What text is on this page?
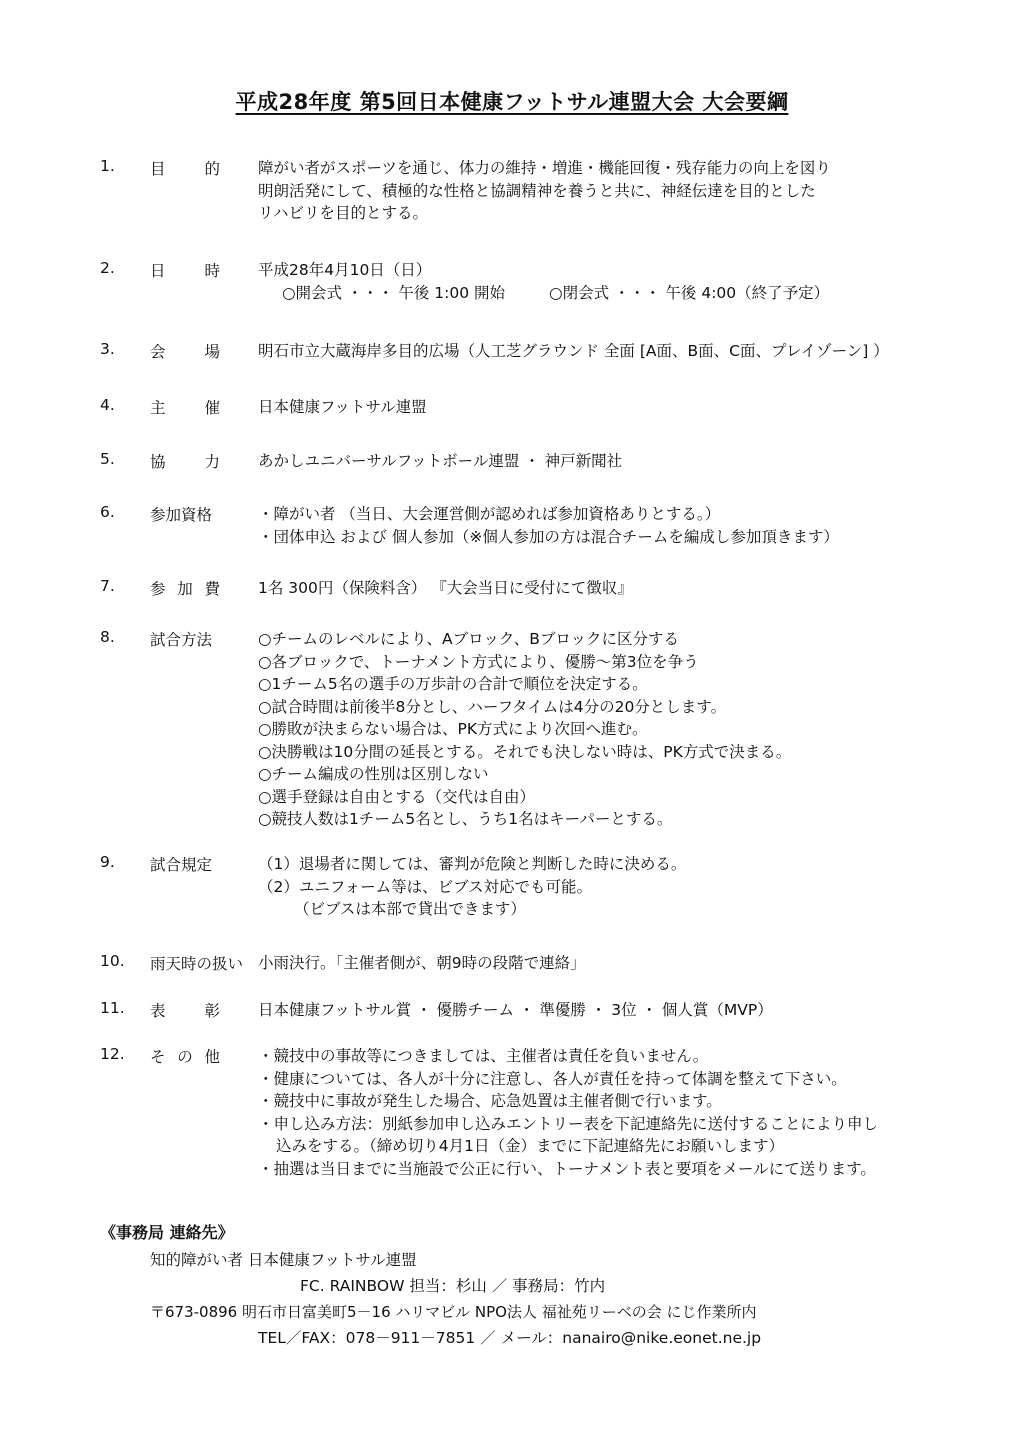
平成28年度 第5回日本健康フットサル連盟大会 大会要綱
1. 目	的 障がい者がスポーツを通じ、体力の維持・増進・機能回復・残存能力の向上を図り
明朗活発にして、積極的な性格と協調精神を養うと共に、神経伝達を目的とした
リハビリを目的とする。
2. 日	時 平成28年4月10日（日）
○開会式 ・・・ 午後 1:00 開始	○閉会式 ・・・ 午後 4:00（終了予定）
3. 会	場 明石市立大蔵海岸多目的広場（人工芝グラウンド 全面 [A面、B面、C面、プレイゾーン] ）
4. 主	催 日本健康フットサル連盟
5. 協	力 あかしユニバーサルフットボール連盟 ・ 神戸新聞社
6. 参加資格	・障がい者 （当日、大会運営側が認めれば参加資格ありとする。）
・団体申込 および 個人参加（※個人参加の方は混合チームを編成し参加頂きます）
7. 参 加 費 1名 300円（保険料含） 『大会当日に受付にて徴収』
8. 試合方法	○チームのレベルにより、Aブロック、Bブロックに区分する
○各ブロックで、トーナメント方式により、優勝～第3位を争う
○1チーム5名の選手の万歩計の合計で順位を決定する。
○試合時間は前後半8分とし、ハーフタイムは4分の20分とします。
○勝敗が決まらない場合は、PK方式により次回へ進む。
○決勝戦は10分間の延長とする。それでも決しない時は、PK方式で決まる。
○チーム編成の性別は区別しない
○選手登録は自由とする（交代は自由）
○競技人数は1チーム5名とし、うち1名はキーパーとする。
9. 試合規定	（1）退場者に関しては、審判が危険と判断した時に決める。
（2）ユニフォーム等は、ビブス対応でも可能。
（ビブスは本部で貸出できます）
10. 雨天時の扱い 小雨決行。「主催者側が、朝9時の段階で連絡」
11. 表	彰 日本健康フットサル賞 ・ 優勝チーム ・ 準優勝 ・ 3位 ・ 個人賞（MVP）
12. そ の 他 ・競技中の事故等につきましては、主催者は責任を負いません。
・健康については、各人が十分に注意し、各人が責任を持って体調を整えて下さい。
・競技中に事故が発生した場合、応急処置は主催者側で行います。
・申し込み方法：別紙参加申し込みエントリー表を下記連絡先に送付することにより申し
込みをする。（締め切り4月1日（金）までに下記連絡先にお願いします）
・抽選は当日までに当施設で公正に行い、トーナメント表と要項をメールにて送ります。
《事務局 連絡先》
知的障がい者 日本健康フットサル連盟
FC. RAINBOW 担当：杉山 ／ 事務局：竹内
〒673-0896 明石市日富美町5－16 ハリマビル NPO法人 福祉苑リーベの会 にじ作業所内
TEL／FAX：078－911－7851 ／ メール：nanairo@nike.eonet.ne.jp
